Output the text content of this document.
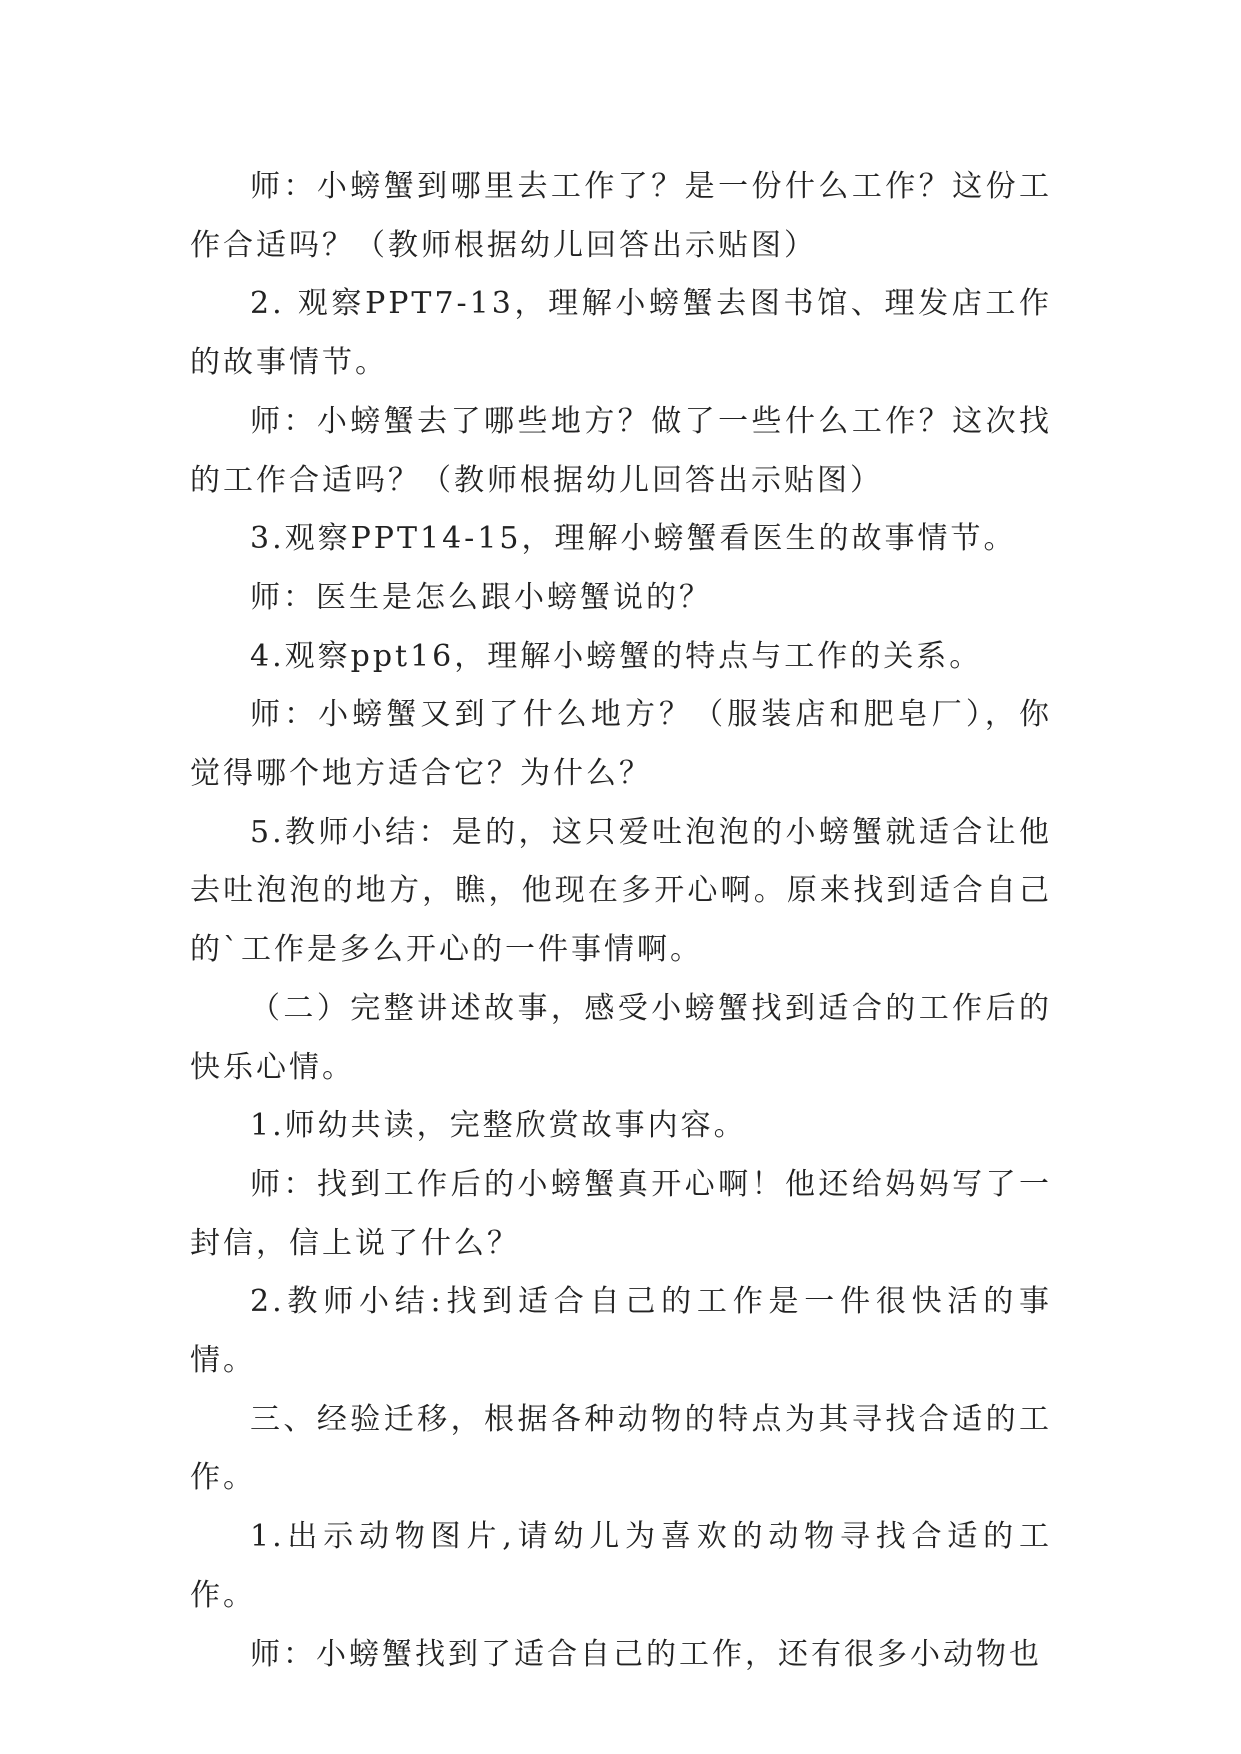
师：小螃蟹到哪里去工作了？是一份什么工作？这份工作合适吗？（教师根据幼儿回答出示贴图）

2. 观察PPT7-13，理解小螃蟹去图书馆、理发店工作的故事情节。

师：小螃蟹去了哪些地方？做了一些什么工作？这次找的工作合适吗？（教师根据幼儿回答出示贴图）

3.观察PPT14-15，理解小螃蟹看医生的故事情节。

师：医生是怎么跟小螃蟹说的？

4.观察ppt16，理解小螃蟹的特点与工作的关系。

师：小螃蟹又到了什么地方？（服装店和肥皂厂），你觉得哪个地方适合它？为什么？

5.教师小结：是的，这只爱吐泡泡的小螃蟹就适合让他去吐泡泡的地方，瞧，他现在多开心啊。原来找到适合自己的`工作是多么开心的一件事情啊。

（二）完整讲述故事，感受小螃蟹找到适合的工作后的快乐心情。

1.师幼共读，完整欣赏故事内容。

师：找到工作后的小螃蟹真开心啊！他还给妈妈写了一封信，信上说了什么？

2.教师小结:找到适合自己的工作是一件很快活的事情。

三、经验迁移，根据各种动物的特点为其寻找合适的工作。

1.出示动物图片,请幼儿为喜欢的动物寻找合适的工作。

师：小螃蟹找到了适合自己的工作，还有很多小动物也
